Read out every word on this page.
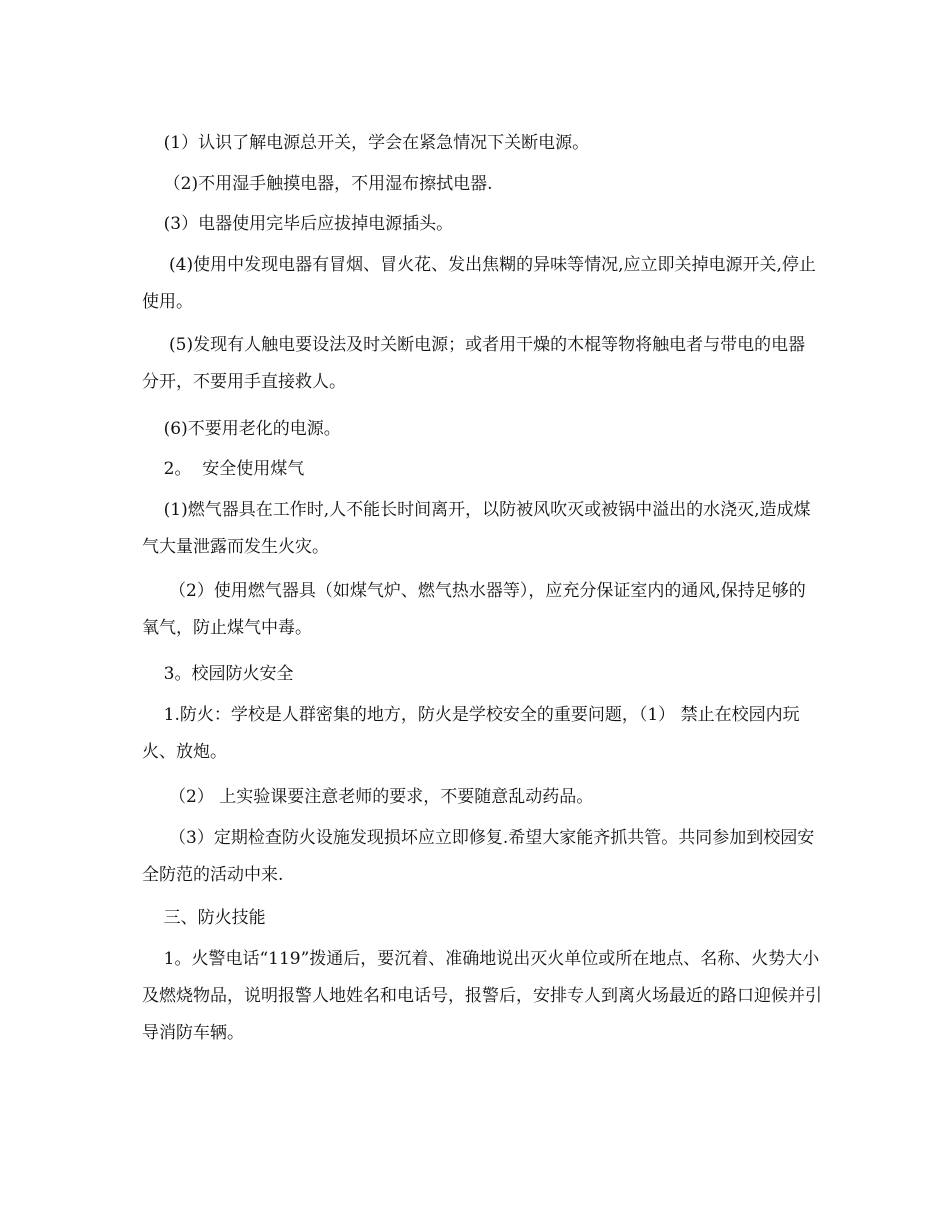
(1）认识了解电源总开关，学会在紧急情况下关断电源。

（2)不用湿手触摸电器，不用湿布擦拭电器.

(3）电器使用完毕后应拔掉电源插头。

(4)使用中发现电器有冒烟、冒火花、发出焦糊的异味等情况,应立即关掉电源开关,停止使用。

(5)发现有人触电要设法及时关断电源；或者用干燥的木棍等物将触电者与带电的电器分开，不要用手直接救人。

(6)不要用老化的电源。

2。  安全使用煤气

(1)燃气器具在工作时,人不能长时间离开，以防被风吹灭或被锅中溢出的水浇灭,造成煤气大量泄露而发生火灾。

（2）使用燃气器具（如煤气炉、燃气热水器等），应充分保证室内的通风,保持足够的氧气，防止煤气中毒。

3。校园防火安全

1.防火：学校是人群密集的地方，防火是学校安全的重要问题，（1） 禁止在校园内玩火、放炮。

（2） 上实验课要注意老师的要求，不要随意乱动药品。

（3）定期检查防火设施发现损坏应立即修复.希望大家能齐抓共管。共同参加到校园安全防范的活动中来.

三、防火技能

1。火警电话“119”拨通后，要沉着、准确地说出灭火单位或所在地点、名称、火势大小及燃烧物品，说明报警人地姓名和电话号，报警后，安排专人到离火场最近的路口迎候并引导消防车辆。
